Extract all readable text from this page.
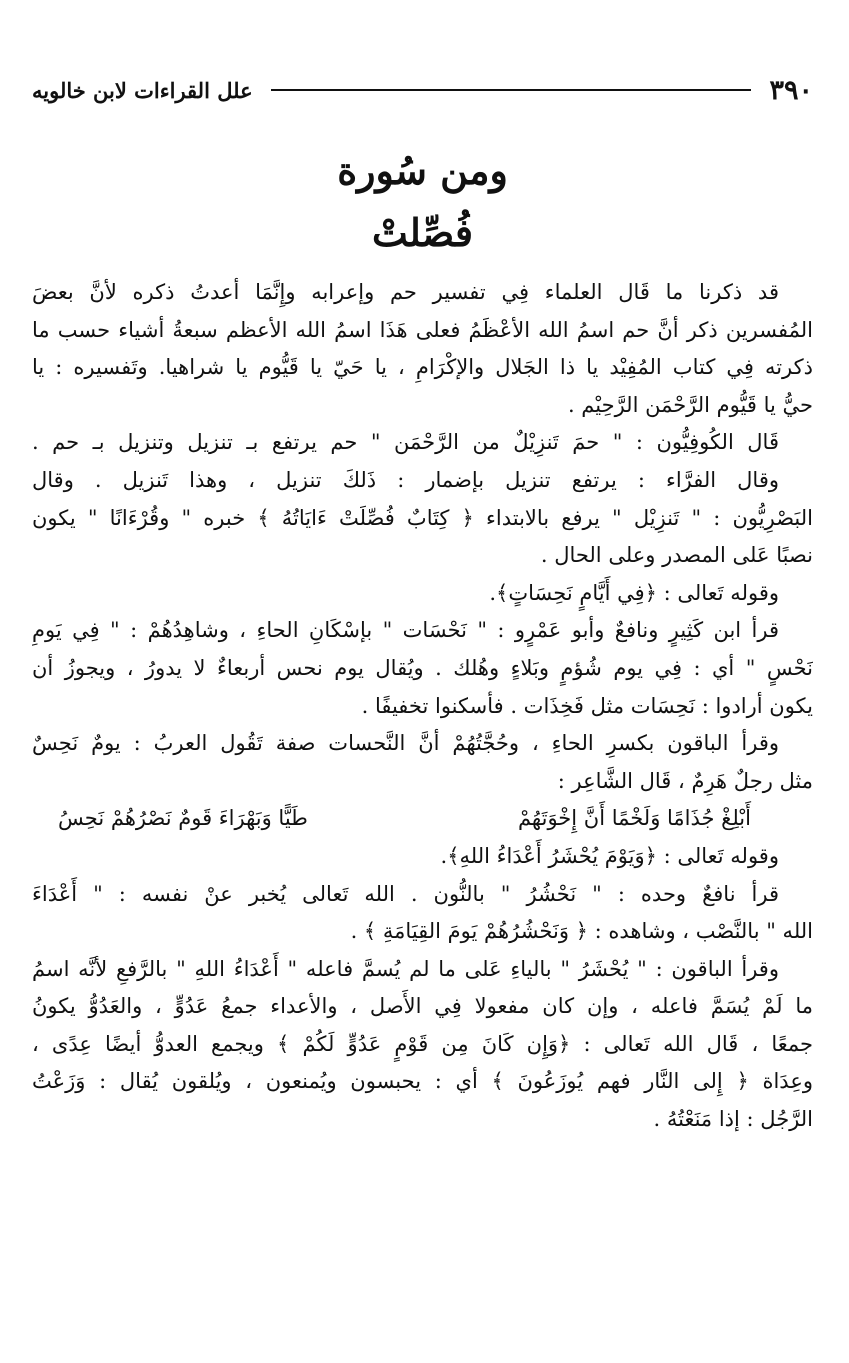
٣٩٠
علل القراءات لابن خالويه
ومن سُورة
فُصِّلتْ
قد ذكرنا ما قَال العلماء فِي تفسير حم وإعرابه وإِنَّمَا أعدتُ ذكره لأنَّ بعضَ
المُفسرين ذكر أنَّ حم اسمُ الله الأعْظَمُ فعلى هَذَا اسمُ الله الأعظم سبعةُ أشياء حسب ما
ذكرته فِي كتاب المُفِيْد يا ذا الجَلال والإكْرَامِ ، يا حَيّ يا قَيُّوم يا شراهيا. وتَفسيره : يا
حيُّ يا قَيُّوم الرَّحْمَن الرَّحِيْم .
قَال الكُوفِيُّون : " حمَ تَنزِيْلٌ من الرَّحْمَن " حم يرتفع بـ تنزيل وتنزيل بـ حم .
وقال الفرَّاء : يرتفع تنزيل بإضمار : ذَلكَ تنزيل ، وهذا تَنزيل . وقال
البَصْرِيُّون : " تَنزِيْل " يرفع بالابتداء ﴿ كِتَابٌ فُصِّلَتْ ءَايَاتُهُ ﴾ خبره " وقُرْءَانًا " يكون
نصبًا عَلى المصدر وعلى الحال .
وقوله تَعالى : ﴿فِي أَيَّامٍ نَحِسَاتٍ﴾.
قرأ ابن كَثِيرٍ ونافعٌ وأبو عَمْرٍو : " نَحْسَات " بإسْكَانِ الحاءِ ، وشاهِدُهُمْ : " فِي يَومِ
نَحْسٍ " أي : فِي يوم شُؤمٍ وبَلاءٍ وهُلك . ويُقال يوم نحس أربعاءٌ لا يدورُ ، ويجوزُ أن
يكون أرادوا : نَحِسَات مثل فَخِذَات . فأسكنوا تخفيفًا .
وقرأ الباقون بكسرِ الحاءِ ، وحُجَّتُهُمْ أنَّ النَّحسات صفة تَقُول العربُ : يومٌ نَحِسٌ
مثل رجلٌ هَرِمٌ ، قَال الشَّاعِر :
أَبْلِغْ جُذَامًا وَلَخْمًا أَنَّ إِخْوَتَهُمْ
طَيًّا وَبَهْرَاءَ قَومٌ نَصْرُهُمْ نَحِسُ
وقوله تَعالى : ﴿وَيَوْمَ يُحْشَرُ أَعْدَاءُ اللهِ﴾.
قرأ نافعٌ وحده : " نَحْشُرُ " بالنُّون . الله تَعالى يُخبر عنْ نفسه : " أَعْدَاءَ
الله " بالنَّصْب ، وشاهده : ﴿ وَنَحْشُرُهُمْ يَومَ القِيَامَةِ ﴾ .
وقرأ الباقون : " يُحْشَرُ " بالياءِ عَلى ما لم يُسمَّ فاعله " أَعْدَاءُ اللهِ " بالرَّفعِ لأنَّه اسمُ
ما لَمْ يُسَمَّ فاعله ، وإن كان مفعولا فِي الأَصل ، والأعداء جمعُ عَدُوٍّ ، والعَدُوُّ يكونُ
جمعًا ، قَال الله تَعالى : ﴿وَإِن كَانَ مِن قَوْمٍ عَدُوٍّ لَكُمْ ﴾ ويجمع العدوُّ أيضًا عِدًى ،
وعِدَاة ﴿ إِلى النَّار فهم يُوزَعُونَ ﴾ أي : يحبسون ويُمنعون ، ويُلقون يُقال : وَزَعْتُ
الرَّجُل : إذا مَنَعْتُهُ .
